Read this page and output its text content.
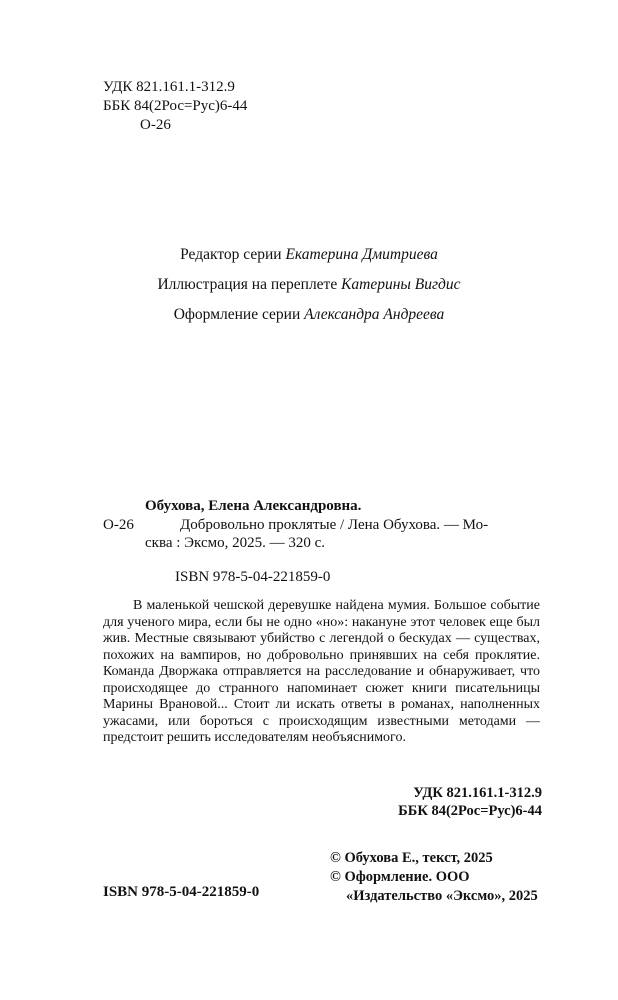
УДК 821.161.1-312.9
ББК 84(2Рос=Рус)6-44
О-26
Редактор серии Екатерина Дмитриева
Иллюстрация на переплете Катерины Вигдис
Оформление серии Александра Андреева
Обухова, Елена Александровна.
О-26	Добровольно проклятые / Лена Обухова. — Мо-
сква : Эксмо, 2025. — 320 с.
ISBN 978-5-04-221859-0
В маленькой чешской деревушке найдена мумия. Большое событие для ученого мира, если бы не одно «но»: накануне этот человек еще был жив. Местные связывают убийство с легендой о бескудах — существах, похожих на вампиров, но добровольно принявших на себя проклятие. Команда Дворжака отправляется на расследование и обнаруживает, что происходящее до странного напоминает сюжет книги писательницы Марины Врановой... Стоит ли искать ответы в романах, наполненных ужасами, или бороться с происходящим известными методами — предстоит решить исследователям необъяснимого.
УДК 821.161.1-312.9
ББК 84(2Рос=Рус)6-44
© Обухова Е., текст, 2025
© Оформление. ООО «Издательство «Эксмо», 2025
ISBN 978-5-04-221859-0
